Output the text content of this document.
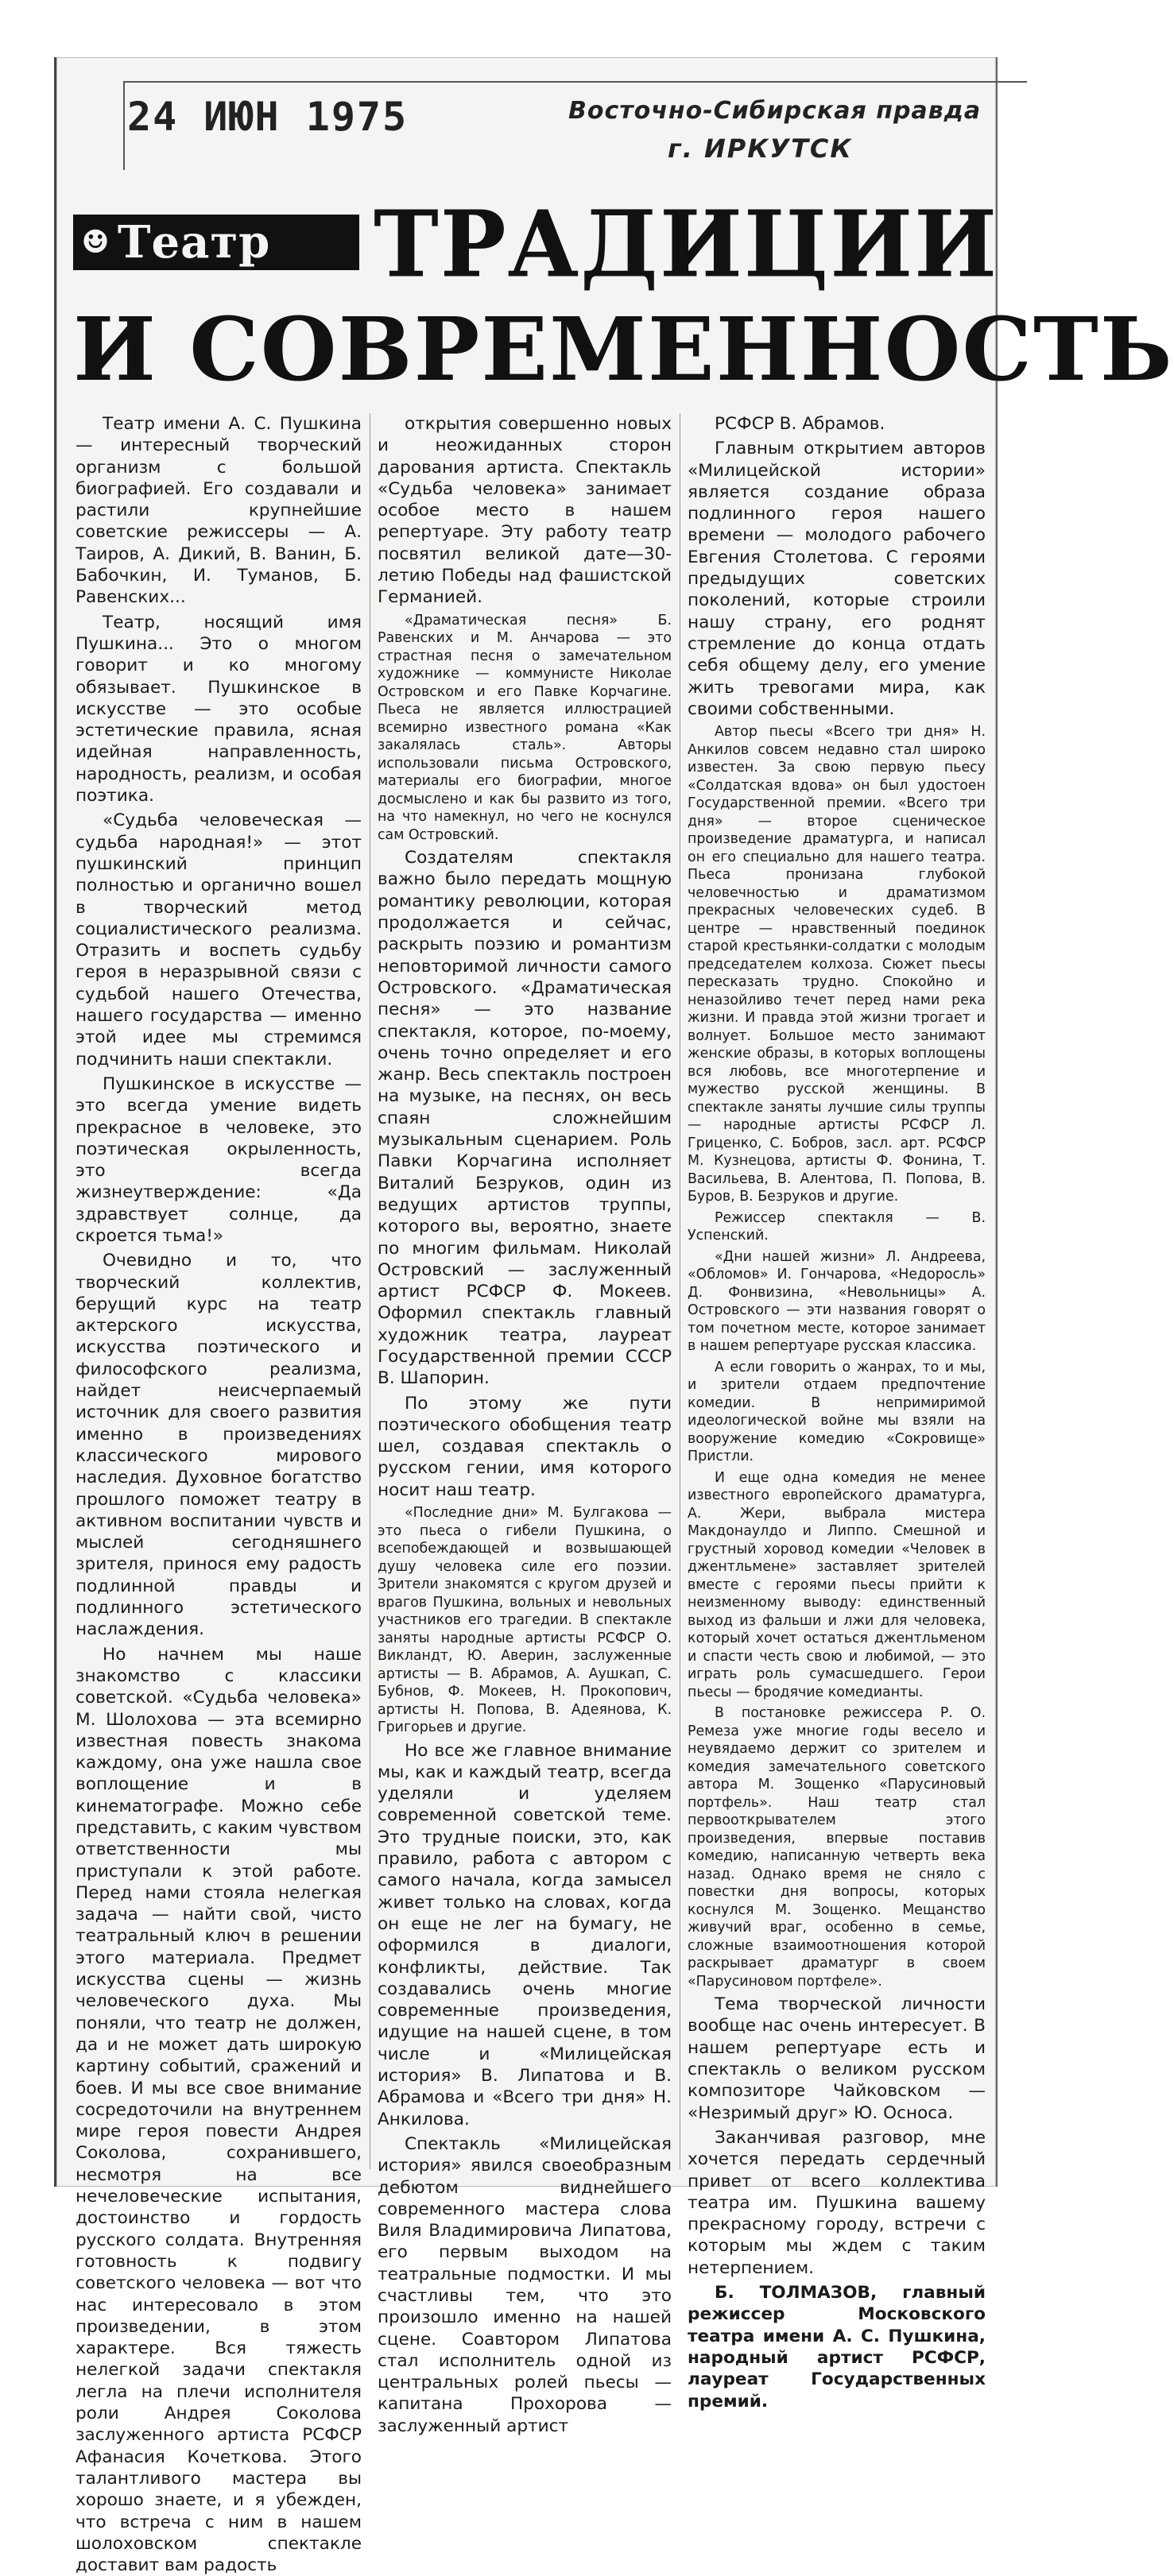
24 ИЮН 1975	Восточно-Сибирская правда
г. ИРКУТСК
☻ Театр ТРАДИЦИИ
И СОВРЕМЕННОСТЬ

Театр имени А. С. Пушкина — интересный творческий организм с большой биографией. Его создавали и растили крупнейшие советские режиссеры — А. Таиров, А. Дикий, В. Ванин, Б. Бабочкин, И. Туманов, Б. Равенских...

Театр, носящий имя Пушкина... Это о многом говорит и ко многому обязывает. Пушкинское в искусстве — это особые эстетические правила, ясная идейная направленность, народность, реализм, и особая поэтика.

«Судьба человеческая — судьба народная!» — этот пушкинский принцип полностью и органично вошел в творческий метод социалистического реализма. Отразить и воспеть судьбу героя в неразрывной связи с судьбой нашего Отечества, нашего государства — именно этой идее мы стремимся подчинить наши спектакли.

Пушкинское в искусстве — это всегда умение видеть прекрасное в человеке, это поэтическая окрыленность, это всегда жизнеутверждение: «Да здравствует солнце, да скроется тьма!»

Очевидно и то, что творческий коллектив, берущий курс на театр актерского искусства, искусства поэтического и философского реализма, найдет неисчерпаемый источник для своего развития именно в произведениях классического мирового наследия. Духовное богатство прошлого поможет театру в активном воспитании чувств и мыслей сегодняшнего зрителя, принося ему радость подлинной правды и подлинного эстетического наслаждения.

Но начнем мы наше знакомство с классики советской. «Судьба человека» М. Шолохова — эта всемирно известная повесть знакома каждому, она уже нашла свое воплощение и в кинематографе. Можно себе представить, с каким чувством ответственности мы приступали к этой работе. Перед нами стояла нелегкая задача — найти свой, чисто театральный ключ в решении этого материала. Предмет искусства сцены — жизнь человеческого духа. Мы поняли, что театр не должен, да и не может дать широкую картину событий, сражений и боев. И мы все свое внимание сосредоточили на внутреннем мире героя повести Андрея Соколова, сохранившего, несмотря на все нечеловеческие испытания, достоинство и гордость русского солдата. Внутренняя готовность к подвигу советского человека — вот что нас интересовало в этом произведении, в этом характере. Вся тяжесть нелегкой задачи спектакля легла на плечи исполнителя роли Андрея Соколова заслуженного артиста РСФСР Афанасия Кочеткова. Этого талантливого мастера вы хорошо знаете, и я убежден, что встреча с ним в нашем шолоховском спектакле доставит вам радость

открытия совершенно новых и неожиданных сторон дарования артиста. Спектакль «Судьба человека» занимает особое место в нашем репертуаре. Эту работу театр посвятил великой дате—30-летию Победы над фашистской Германией.

«Драматическая песня» Б. Равенских и М. Анчарова — это страстная песня о замечательном художнике — коммунисте Николае Островском и его Павке Корчагине. Пьеса не является иллюстрацией всемирно известного романа «Как закалялась сталь». Авторы использовали письма Островского, материалы его биографии, многое досмыслено и как бы развито из того, на что намекнул, но чего не коснулся сам Островский.

Создателям спектакля важно было передать мощную романтику революции, которая продолжается и сейчас, раскрыть поэзию и романтизм неповторимой личности самого Островского. «Драматическая песня» — это название спектакля, которое, по-моему, очень точно определяет и его жанр. Весь спектакль построен на музыке, на песнях, он весь спаян сложнейшим музыкальным сценарием. Роль Павки Корчагина исполняет Виталий Безруков, один из ведущих артистов труппы, которого вы, вероятно, знаете по многим фильмам. Николай Островский — заслуженный артист РСФСР Ф. Мокеев. Оформил спектакль главный художник театра, лауреат Государственной премии СССР В. Шапорин.

По этому же пути поэтического обобщения театр шел, создавая спектакль о русском гении, имя которого носит наш театр.

«Последние дни» М. Булгакова — это пьеса о гибели Пушкина, о всепобеждающей и возвышающей душу человека силе его поэзии. Зрители знакомятся с кругом друзей и врагов Пушкина, вольных и невольных участников его трагедии. В спектакле заняты народные артисты РСФСР О. Викландт, Ю. Аверин, заслуженные артисты — В. Абрамов, А. Аушкап, С. Бубнов, Ф. Мокеев, Н. Прокопович, артисты Н. Попова, В. Адеянова, К. Григорьев и другие.

Но все же главное внимание мы, как и каждый театр, всегда уделяли и уделяем современной советской теме. Это трудные поиски, это, как правило, работа с автором с самого начала, когда замысел живет только на словах, когда он еще не лег на бумагу, не оформился в диалоги, конфликты, действие. Так создавались очень многие современные произведения, идущие на нашей сцене, в том числе и «Милицейская история» В. Липатова и В. Абрамова и «Всего три дня» Н. Анкилова.

Спектакль «Милицейская история» явился своеобразным дебютом виднейшего современного мастера слова Виля Владимировича Липатова, его первым выходом на театральные подмостки. И мы счастливы тем, что это произошло именно на нашей сцене. Соавтором Липатова стал исполнитель одной из центральных ролей пьесы — капитана Прохорова — заслуженный артист

РСФСР В. Абрамов.

Главным открытием авторов «Милицейской истории» является создание образа подлинного героя нашего времени — молодого рабочего Евгения Столетова. С героями предыдущих советских поколений, которые строили нашу страну, его роднят стремление до конца отдать себя общему делу, его умение жить тревогами мира, как своими собственными.

Автор пьесы «Всего три дня» Н. Анкилов совсем недавно стал широко известен. За свою первую пьесу «Солдатская вдова» он был удостоен Государственной премии. «Всего три дня» — второе сценическое произведение драматурга, и написал он его специально для нашего театра. Пьеса пронизана глубокой человечностью и драматизмом прекрасных человеческих судеб. В центре — нравственный поединок старой крестьянки-солдатки с молодым председателем колхоза. Сюжет пьесы пересказать трудно. Спокойно и неназойливо течет перед нами река жизни. И правда этой жизни трогает и волнует. Большое место занимают женские образы, в которых воплощены вся любовь, все многотерпение и мужество русской женщины. В спектакле заняты лучшие силы труппы — народные артисты РСФСР Л. Гриценко, С. Бобров, засл. арт. РСФСР М. Кузнецова, артисты Ф. Фонина, Т. Васильева, В. Алентова, П. Попова, В. Буров, В. Безруков и другие.

Режиссер спектакля — В. Успенский.

«Дни нашей жизни» Л. Андреева, «Обломов» И. Гончарова, «Недоросль» Д. Фонвизина, «Невольницы» А. Островского — эти названия говорят о том почетном месте, которое занимает в нашем репертуаре русская классика.

А если говорить о жанрах, то и мы, и зрители отдаем предпочтение комедии. В непримиримой идеологической войне мы взяли на вооружение комедию «Сокровище» Пристли.

И еще одна комедия не менее известного европейского драматурга, А. Жери, выбрала мистера Макдонаулдо и Липпо. Смешной и грустный хоровод комедии «Человек в джентльмене» заставляет зрителей вместе с героями пьесы прийти к неизменному выводу: единственный выход из фальши и лжи для человека, который хочет остаться джентльменом и спасти честь свою и любимой, — это играть роль сумасшедшего. Герои пьесы — бродячие комедианты.

В постановке режиссера Р. О. Ремеза уже многие годы весело и неувядаемо держит со зрителем и комедия замечательного советского автора М. Зощенко «Парусиновый портфель». Наш театр стал первооткрывателем этого произведения, впервые поставив комедию, написанную четверть века назад. Однако время не сняло с повестки дня вопросы, которых коснулся М. Зощенко. Мещанство живучий враг, особенно в семье, сложные взаимоотношения которой раскрывает драматург в своем «Парусиновом портфеле».

Тема творческой личности вообще нас очень интересует. В нашем репертуаре есть и спектакль о великом русском композиторе Чайковском — «Незримый друг» Ю. Осноса.

Заканчивая разговор, мне хочется передать сердечный привет от всего коллектива театра им. Пушкина вашему прекрасному городу, встречи с которым мы ждем с таким нетерпением.

Б. ТОЛМАЗОВ, главный режиссер Московского театра имени А. С. Пушкина, народный артист РСФСР, лауреат Государственных премий.
